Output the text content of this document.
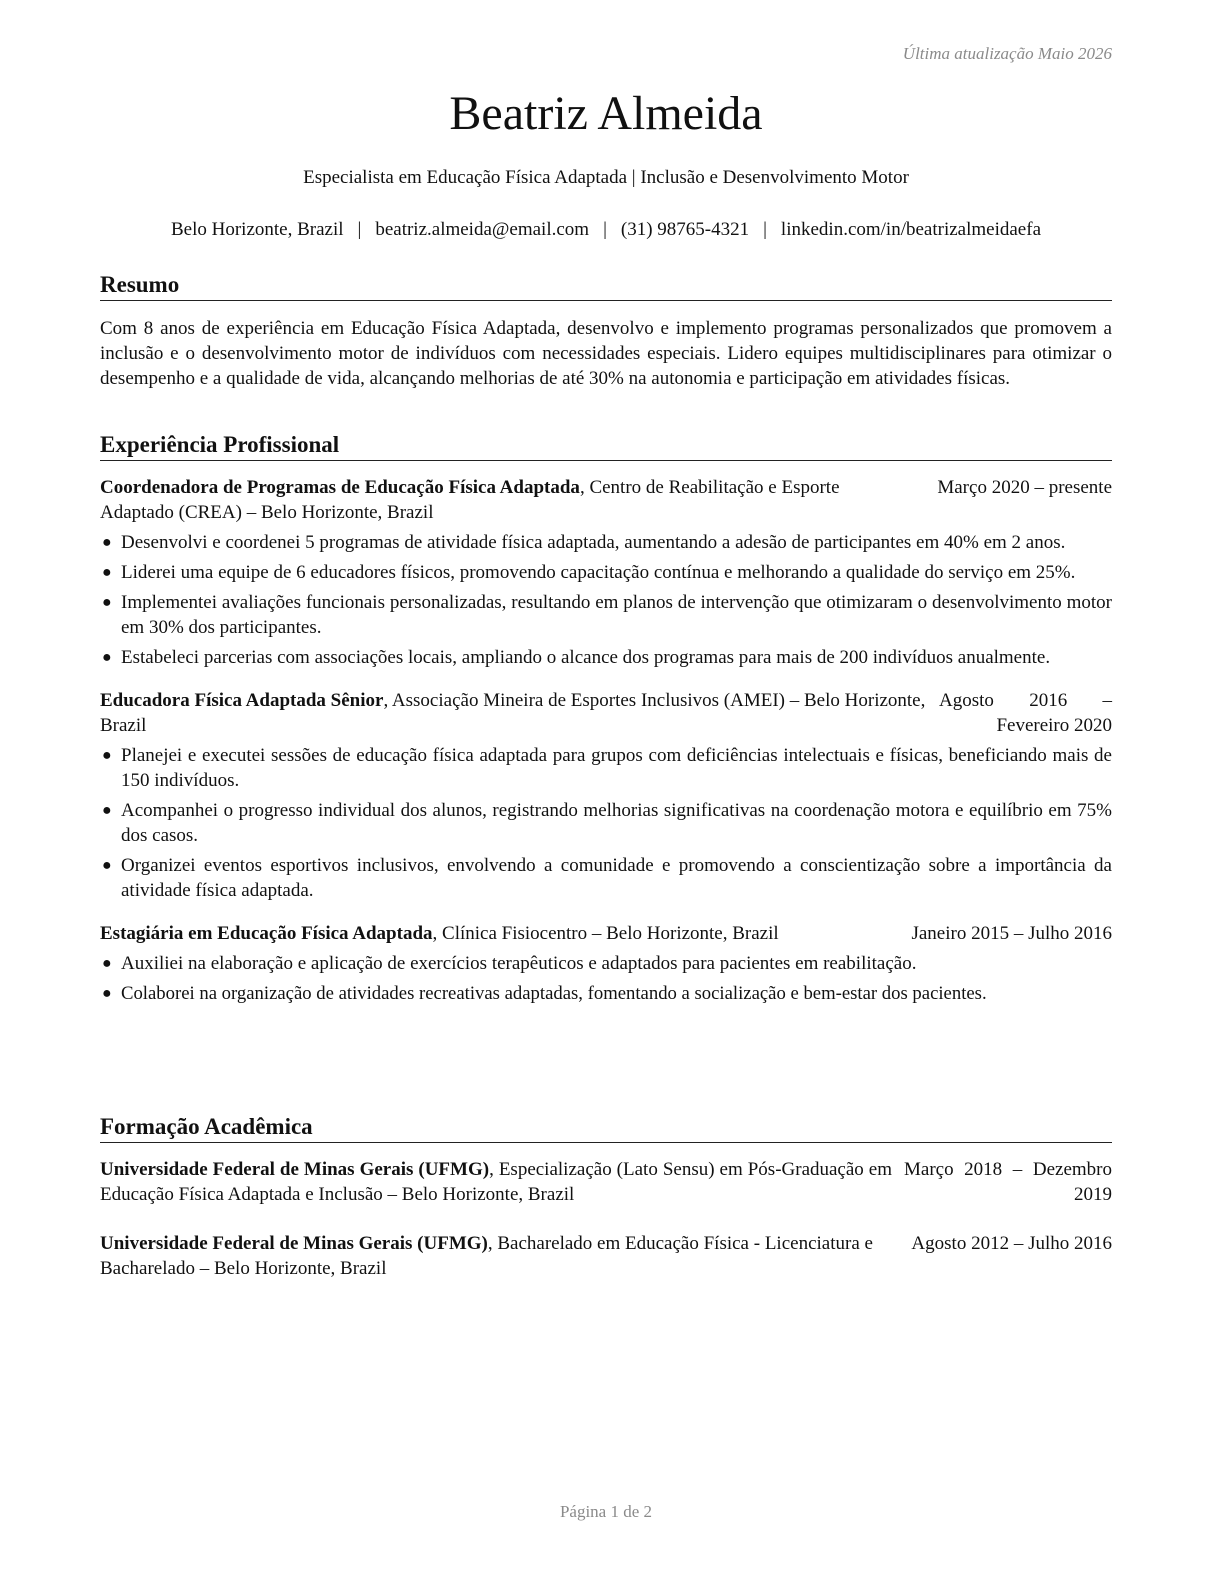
Última atualização Maio 2026
Beatriz Almeida
Especialista em Educação Física Adaptada | Inclusão e Desenvolvimento Motor
Belo Horizonte, Brazil | beatriz.almeida@email.com | (31) 98765-4321 | linkedin.com/in/beatrizalmeidaefa
Resumo

Com 8 anos de experiência em Educação Física Adaptada, desenvolvo e implemento programas personalizados que promovem a inclusão e o desenvolvimento motor de indivíduos com necessidades especiais. Lidero equipes multidisciplinares para otimizar o desempenho e a qualidade de vida, alcançando melhorias de até 30% na autonomia e participação em atividades físicas.

Experiência Profissional
Coordenadora de Programas de Educação Física Adaptada, Centro de Reabilitação e Esporte Adaptado (CREA) – Belo Horizonte, Brazil
Março 2020 – presente
● Desenvolvi e coordenei 5 programas de atividade física adaptada, aumentando a adesão de participantes em 40% em 2 anos.
● Liderei uma equipe de 6 educadores físicos, promovendo capacitação contínua e melhorando a qualidade do serviço em 25%.
● Implementei avaliações funcionais personalizadas, resultando em planos de intervenção que otimizaram o desenvolvimento motor em 30% dos participantes.
● Estabeleci parcerias com associações locais, ampliando o alcance dos programas para mais de 200 indivíduos anualmente.
Educadora Física Adaptada Sênior, Associação Mineira de Esportes Inclusivos (AMEI) – Belo Horizonte, Brazil
Agosto 2016 – Fevereiro 2020
● Planejei e executei sessões de educação física adaptada para grupos com deficiências intelectuais e físicas, beneficiando mais de 150 indivíduos.
● Acompanhei o progresso individual dos alunos, registrando melhorias significativas na coordenação motora e equilíbrio em 75% dos casos.
● Organizei eventos esportivos inclusivos, envolvendo a comunidade e promovendo a conscientização sobre a importância da atividade física adaptada.
Estagiária em Educação Física Adaptada, Clínica Fisiocentro – Belo Horizonte, Brazil	Janeiro 2015 – Julho 2016
● Auxiliei na elaboração e aplicação de exercícios terapêuticos e adaptados para pacientes em reabilitação.
● Colaborei na organização de atividades recreativas adaptadas, fomentando a socialização e bem-estar dos pacientes.
Formação Acadêmica
Universidade Federal de Minas Gerais (UFMG), Especialização (Lato Sensu) em Pós-Graduação em Educação Física Adaptada e Inclusão – Belo Horizonte, Brazil
Março 2018 – Dezembro 2019
Universidade Federal de Minas Gerais (UFMG), Bacharelado em Educação Física - Licenciatura e Bacharelado – Belo Horizonte, Brazil
Agosto 2012 – Julho 2016
Página 1 de 2
